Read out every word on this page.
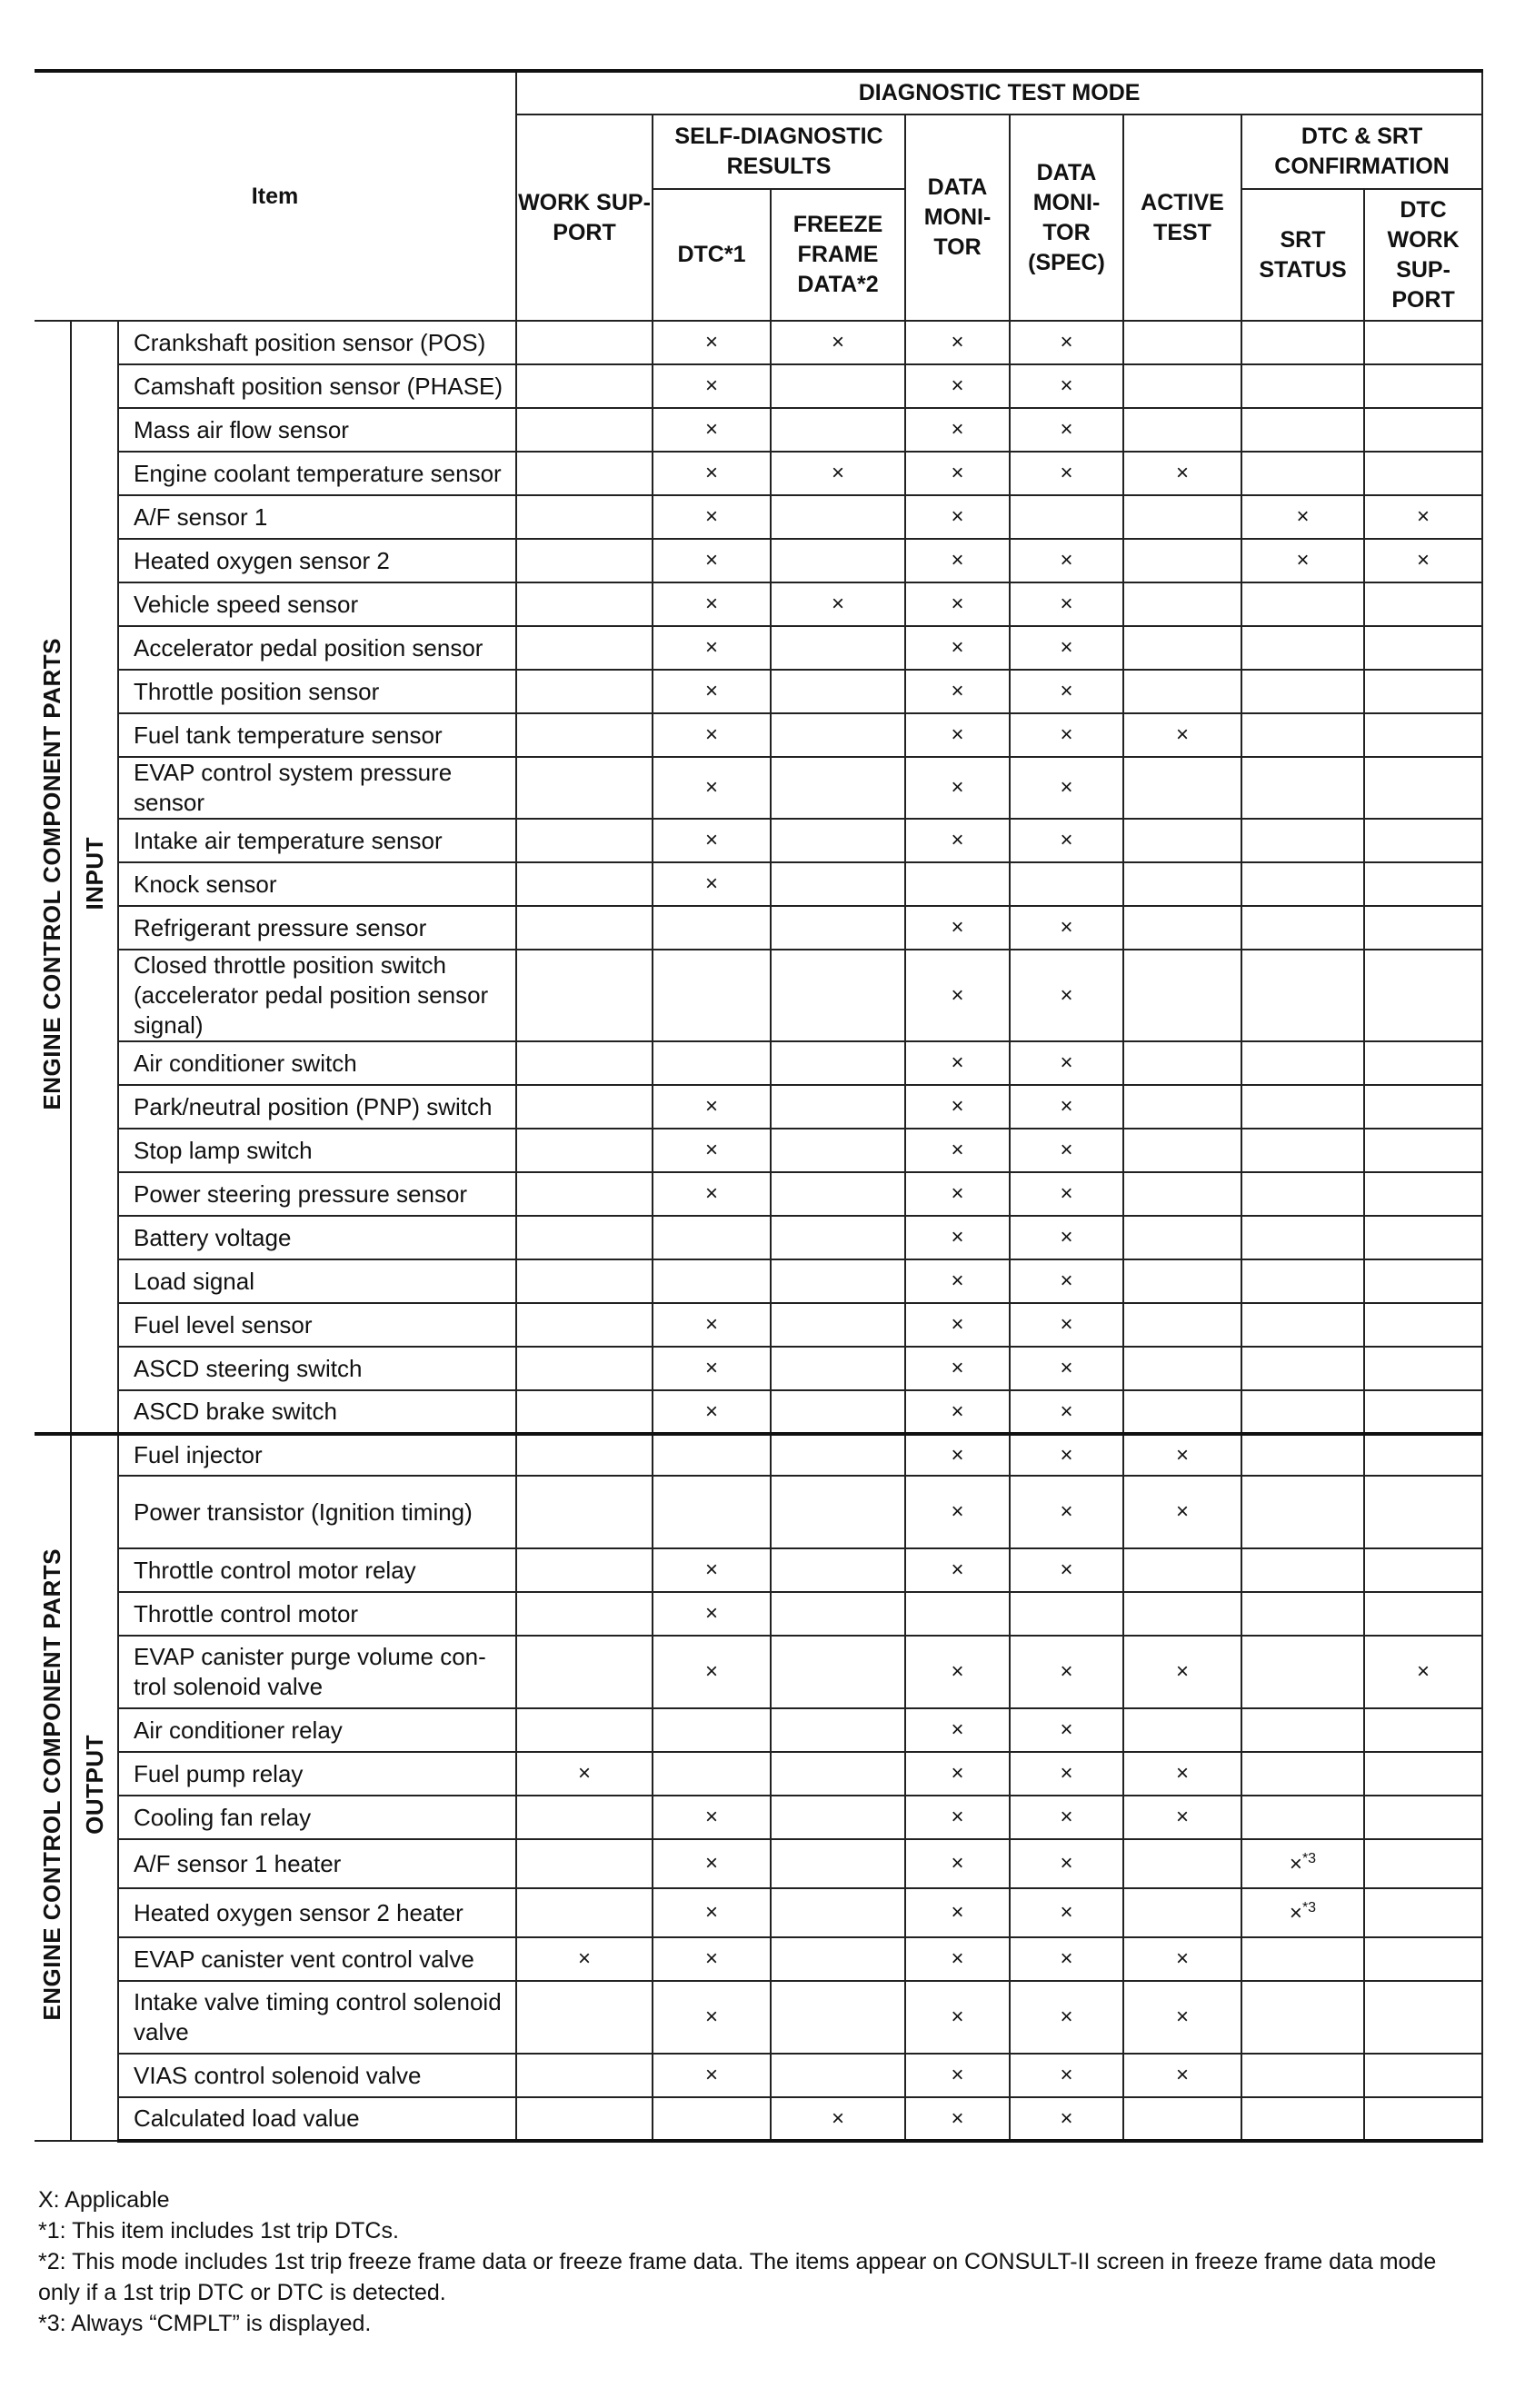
Item			DIAGNOSTIC TEST MODE							
			WORK SUP-PORT	SELF-DIAGNOSTIC RESULTS		DATA MONI-TOR	DATA MONI-TOR (SPEC)	ACTIVE TEST	DTC & SRT CONFIRMATION	
				DTC*1	FREEZE FRAME DATA*2				SRT STATUS	DTC WORK SUP-PORT
ENGINE CONTROL COMPONENT PARTS	INPUT	Crankshaft position sensor (POS)		×	×	×	×			
		Camshaft position sensor (PHASE)		×		×	×			
		Mass air flow sensor		×		×	×			
		Engine coolant temperature sensor		×	×	×	×	×		
		A/F sensor 1		×		×			×	×
		Heated oxygen sensor 2		×		×	×		×	×
		Vehicle speed sensor		×	×	×	×			
		Accelerator pedal position sensor		×		×	×			
		Throttle position sensor		×		×	×			
		Fuel tank temperature sensor		×		×	×	×		
		EVAP control system pressure sensor		×		×	×			
		Intake air temperature sensor		×		×	×			
		Knock sensor		×						
		Refrigerant pressure sensor				×	×			
		Closed throttle position switch (accelerator pedal position sensor signal)				×	×			
		Air conditioner switch				×	×			
		Park/neutral position (PNP) switch		×		×	×			
		Stop lamp switch		×		×	×			
		Power steering pressure sensor		×		×	×			
		Battery voltage				×	×			
		Load signal				×	×			
		Fuel level sensor		×		×	×			
		ASCD steering switch		×		×	×			
		ASCD brake switch		×		×	×			
ENGINE CONTROL COMPONENT PARTS	OUTPUT	Fuel injector				×	×	×		
		Power transistor (Ignition timing)				×	×	×		
		Throttle control motor relay		×		×	×			
		Throttle control motor		×						
		EVAP canister purge volume con-trol solenoid valve		×		×	×	×		×
		Air conditioner relay				×	×			
		Fuel pump relay	×			×	×	×		
		Cooling fan relay		×		×	×	×		
		A/F sensor 1 heater		×		×	×		×$^{*3}$	
		Heated oxygen sensor 2 heater		×		×	×		×$^{*3}$	
		EVAP canister vent control valve	×	×		×	×	×		
		Intake valve timing control solenoid valve		×		×	×	×		
		VIAS control solenoid valve		×		×	×	×		
		Calculated load value			×	×	×			

X: Applicable

*1: This item includes 1st trip DTCs.

*2: This mode includes 1st trip freeze frame data or freeze frame data. The items appear on CONSULT-II screen in freeze frame data mode only if a 1st trip DTC or DTC is detected.

*3: Always “CMPLT” is displayed.
